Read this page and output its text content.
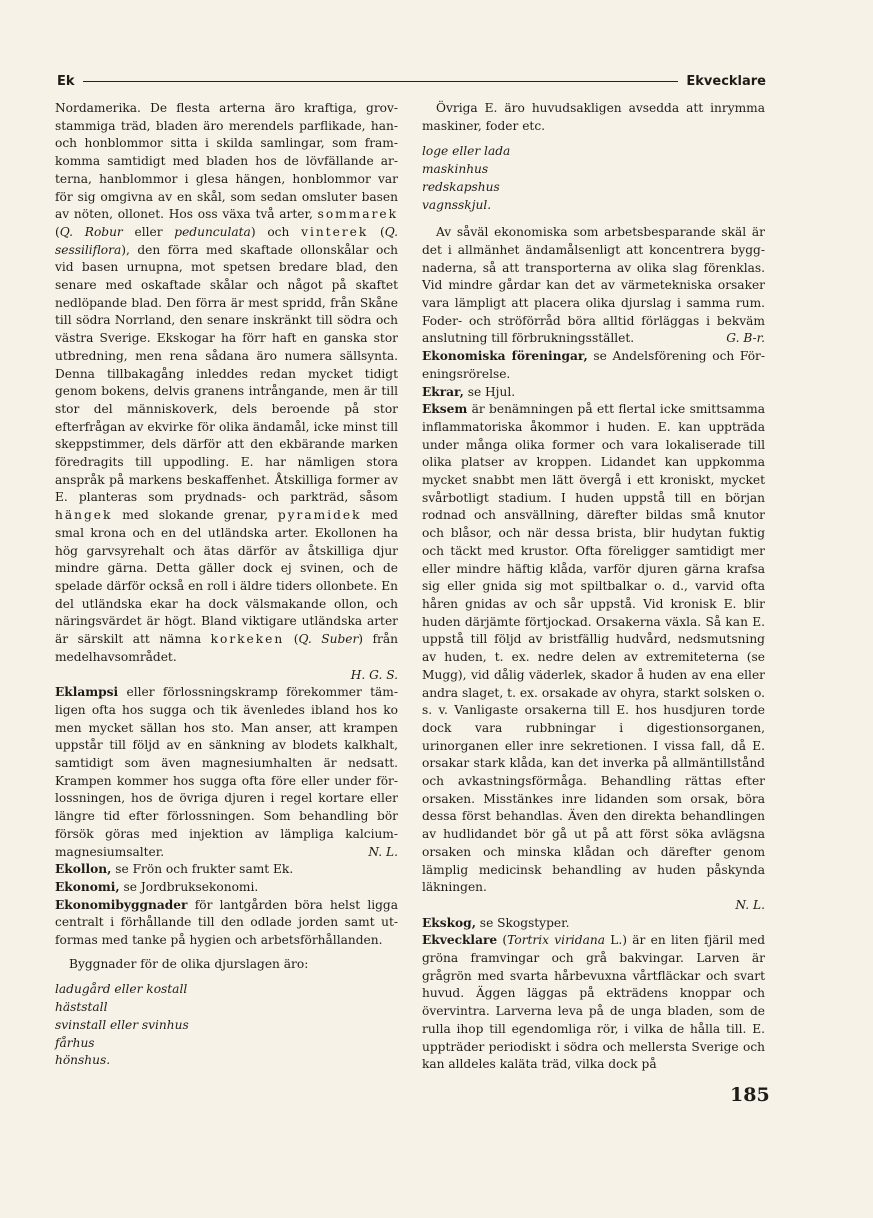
Ek	Ekvecklare

Nordamerika. De flesta arterna äro kraftiga, grovstammiga träd, bladen äro merendels parflikade, hanoch honblommor sitta i skilda samlingar, som framkomma samtidigt med bladen hos de lövfällande arterna, hanblommor i glesa hängen, honblommor var för sig omgivna av en skål, som sedan omsluter basen av nöten, ollonet. Hos oss växa två arter, sommarek (Q. Robur eller pedunculata) och vinterek (Q. sessiliflora), den förra med skaftade ollonskålar och vid basen urnupna, mot spetsen bredare blad, den senare med oskaftade skålar och något på skaftet nedlöpande blad. Den förra är mest spridd, från Skåne till södra Norrland, den senare inskränkt till södra och västra Sverige. Ekskogar ha förr haft en ganska stor utbredning, men rena sådana äro numera sällsynta. Denna tillbakagång inleddes redan mycket tidigt genom bokens, delvis granens intrångande, men är till stor del människoverk, dels beroende på stor efterfrågan av ekvirke för olika ändamål, icke minst till skeppstimmer, dels därför att den ekbärande marken föredragits till uppodling. E. har nämligen stora anspråk på markens beskaffenhet. Åtskilliga former av E. planteras som prydnads- och parkträd, såsom hängek med slokande grenar, pyramidek med smal krona och en del utländska arter. Ekollonen ha hög garvsyrehalt och ätas därför av åtskilliga djur mindre gärna. Detta gäller dock ej svinen, och de spelade därför också en roll i äldre tiders ollonbete. En del utländska ekar ha dock välsmakande ollon, och näringsvärdet är högt. Bland viktigare utländska arter är särskilt att nämna korkeken (Q. Suber) från medelhavsområdet.

H. G. S.

Eklampsi eller förlossningskramp förekommer tämligen ofta hos sugga och tik ävenledes ibland hos ko men mycket sällan hos sto. Man anser, att krampen uppstår till följd av en sänkning av blodets kalkhalt, samtidigt som även magnesiumhalten är nedsatt. Krampen kommer hos sugga ofta före eller under förlossningen, hos de övriga djuren i regel kortare eller längre tid efter förlossningen. Som behandling bör försök göras med injektion av lämpliga kalcium-magnesiumsalter.	N. L.

Ekollon, se Frön och frukter samt Ek.

Ekonomi, se Jordbruksekonomi.

Ekonomibyggnader för lantgården böra helst ligga centralt i förhållande till den odlade jorden samt utformas med tanke på hygien och arbetsförhållanden.

Byggnader för de olika djurslagen äro:

ladugård eller kostall
häststall
svinstall eller svinhus
fårhus
hönshus.

Övriga E. äro huvudsakligen avsedda att inrymma maskiner, foder etc.

loge eller lada
maskinhus
redskapshus
vagnsskjul.

Av såväl ekonomiska som arbetsbesparande skäl är det i allmänhet ändamålsenligt att koncentrera byggnaderna, så att transporterna av olika slag förenklas. Vid mindre gårdar kan det av värmetekniska orsaker vara lämpligt att placera olika djurslag i samma rum. Foder- och ströförråd böra alltid förläggas i bekväm anslutning till förbrukningsstället.	G. B-r.

Ekonomiska föreningar, se Andelsförening och Föreningsrörelse.

Ekrar, se Hjul.

Eksem är benämningen på ett flertal icke smittsamma inflammatoriska åkommor i huden. E. kan uppträda under många olika former och vara lokaliserade till olika platser av kroppen. Lidandet kan uppkomma mycket snabbt men lätt övergå i ett kroniskt, mycket svårbotligt stadium. I huden uppstå till en början rodnad och ansvällning, därefter bildas små knutor och blåsor, och när dessa brista, blir hudytan fuktig och täckt med krustor. Ofta föreligger samtidigt mer eller mindre häftig klåda, varför djuren gärna krafsa sig eller gnida sig mot spiltbalkar o. d., varvid ofta håren gnidas av och sår uppstå. Vid kronisk E. blir huden därjämte förtjockad. Orsakerna växla. Så kan E. uppstå till följd av bristfällig hudvård, nedsmutsning av huden, t. ex. nedre delen av extremiteterna (se Mugg), vid dålig väderlek, skador å huden av ena eller andra slaget, t. ex. orsakade av ohyra, starkt solsken o. s. v. Vanligaste orsakerna till E. hos husdjuren torde dock vara rubbningar i digestionsorganen, urinorganen eller inre sekretionen. I vissa fall, då E. orsakar stark klåda, kan det inverka på allmäntillstånd och avkastningsförmåga. Behandling rättas efter orsaken. Misstänkes inre lidanden som orsak, böra dessa först behandlas. Även den direkta behandlingen av hudlidandet bör gå ut på att först söka avlägsna orsaken och minska klådan och därefter genom lämplig medicinsk behandling av huden påskynda läkningen.

N. L.

Ekskog, se Skogstyper.

Ekvecklare (Tortrix viridana L.) är en liten fjäril med gröna framvingar och grå bakvingar. Larven är grågrön med svarta hårbevuxna vårtfläckar och svart huvud. Äggen läggas på ekträdens knoppar och övervintra. Larverna leva på de unga bladen, som de rulla ihop till egendomliga rör, i vilka de hålla till. E. uppträder periodiskt i södra och mellersta Sverige och kan alldeles kaläta träd, vilka dock på

185
